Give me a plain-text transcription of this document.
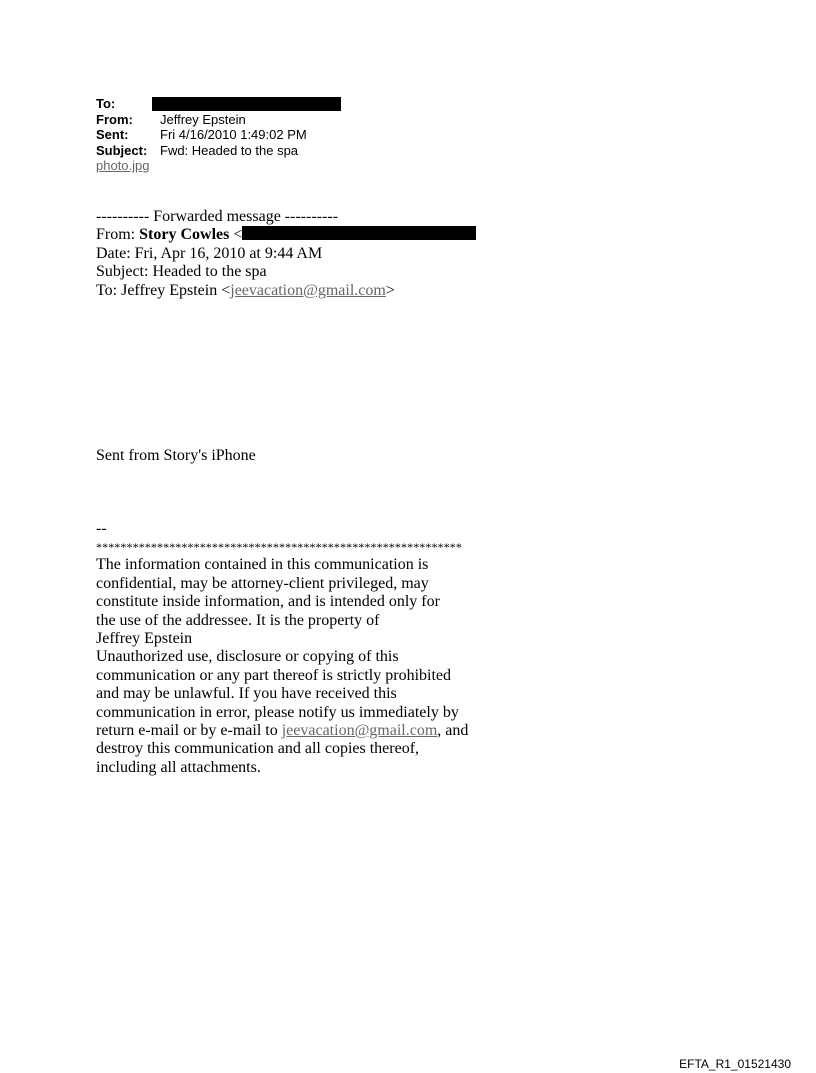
To:
From:	Jeffrey Epstein
Sent:	Fri 4/16/2010 1:49:02 PM
Subject: Fwd: Headed to the spa
photo.jpg
---------- Forwarded message ----------
From: Story Cowles <
Date: Fri, Apr 16, 2010 at 9:44 AM
Subject: Headed to the spa
To: Jeffrey Epstein <jeevacation@gmail.com>
Sent from Story's iPhone
--
************************************************************
The information contained in this communication is
confidential, may be attorney-client privileged, may
constitute inside information, and is intended only for
the use of the addressee. It is the property of
Jeffrey Epstein
Unauthorized use, disclosure or copying of this
communication or any part thereof is strictly prohibited
and may be unlawful. If you have received this
communication in error, please notify us immediately by
return e-mail or by e-mail to jeevacation@gmail.com, and
destroy this communication and all copies thereof,
including all attachments.
EFTA_R1_01521430
